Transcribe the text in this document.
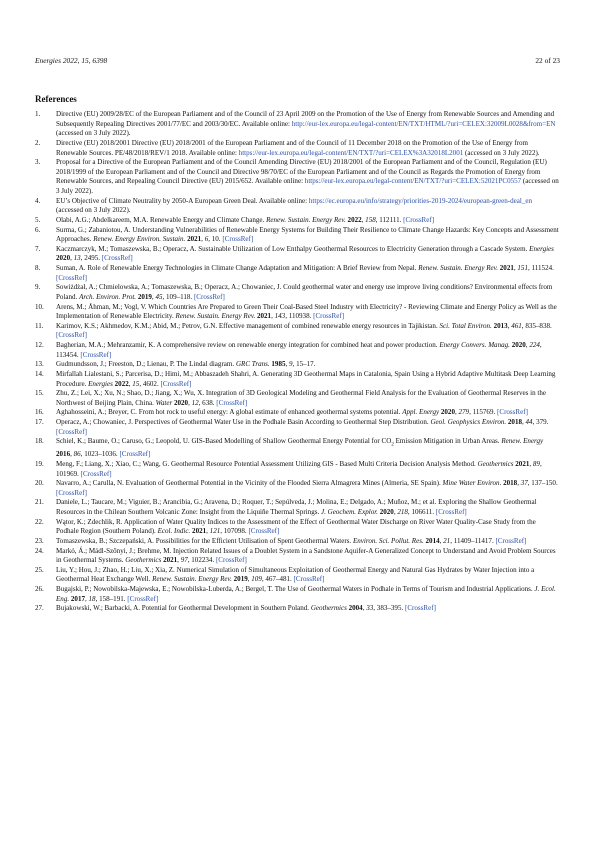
Energies 2022, 15, 6398	22 of 23
References
1. Directive (EU) 2009/28/EC of the European Parliament and of the Council of 23 April 2009 on the Promotion of the Use of Energy from Renewable Sources and Amending and Subsequently Repealing Directives 2001/77/EC and 2003/30/EC. Available online: http://eur-lex.europa.eu/legal-content/EN/TXT/HTML/?uri=CELEX:32009L0028&from=EN (accessed on 3 July 2022).
2. Directive (EU) 2018/2001 Directive (EU) 2018/2001 of the European Parliament and of the Council of 11 December 2018 on the Promotion of the Use of Energy from Renewable Sources. PE/48/2018/REV/1 2018. Available online: https://eur-lex.europa.eu/legal-content/EN/TXT/?uri=CELEX%3A32018L2001 (accessed on 3 July 2022).
3. Proposal for a Directive of the European Parliament and of the Council Amending Directive (EU) 2018/2001 of the European Parliament and of the Council, Regulation (EU) 2018/1999 of the European Parliament and of the Council and Directive 98/70/EC of the European Parliament and of the Council as Regards the Promotion of Energy from Renewable Sources, and Repealing Council Directive (EU) 2015/652. Available online: https://eur-lex.europa.eu/legal-content/EN/TXT/?uri=CELEX:52021PC0557 (accessed on 3 July 2022).
4. EU’s Objective of Climate Neutrality by 2050-A European Green Deal. Available online: https://ec.europa.eu/info/strategy/priorities-2019-2024/european-green-deal_en (accessed on 3 July 2022).
5. Olabi, A.G.; Abdelkareem, M.A. Renewable Energy and Climate Change. Renew. Sustain. Energy Rev. 2022, 158, 112111. [CrossRef]
6. Surma, G.; Zabaniotou, A. Understanding Vulnerabilities of Renewable Energy Systems for Building Their Resilience to Climate Change Hazards: Key Concepts and Assessment Approaches. Renew. Energy Environ. Sustain. 2021, 6, 10. [CrossRef]
7. Kaczmarczyk, M.; Tomaszewska, B.; Operacz, A. Sustainable Utilization of Low Enthalpy Geothermal Resources to Electricity Generation through a Cascade System. Energies 2020, 13, 2495. [CrossRef]
8. Suman, A. Role of Renewable Energy Technologies in Climate Change Adaptation and Mitigation: A Brief Review from Nepal. Renew. Sustain. Energy Rev. 2021, 151, 111524. [CrossRef]
9. Sowiżdżał, A.; Chmielowska, A.; Tomaszewska, B.; Operacz, A.; Chowaniec, J. Could geothermal water and energy use improve living conditions? Environmental effects from Poland. Arch. Environ. Prot. 2019, 45, 109–118. [CrossRef]
10. Arens, M.; Åhman, M.; Vogl, V. Which Countries Are Prepared to Green Their Coal-Based Steel Industry with Electricity? - Reviewing Climate and Energy Policy as Well as the Implementation of Renewable Electricity. Renew. Sustain. Energy Rev. 2021, 143, 110938. [CrossRef]
11. Karimov, K.S.; Akhmedov, K.M.; Abid, M.; Petrov, G.N. Effective management of combined renewable energy resources in Tajikistan. Sci. Total Environ. 2013, 461, 835–838. [CrossRef]
12. Bagherian, M.A.; Mehranzamir, K. A comprehensive review on renewable energy integration for combined heat and power production. Energy Convers. Manag. 2020, 224, 113454. [CrossRef]
13. Gudmundsson, J.; Freeston, D.; Lienau, P. The Lindal diagram. GRC Trans. 1985, 9, 15–17.
14. Mirfallah Lialestani, S.; Parcerisa, D.; Himi, M.; Abbaszadeh Shahri, A. Generating 3D Geothermal Maps in Catalonia, Spain Using a Hybrid Adaptive Multitask Deep Learning Procedure. Energies 2022, 15, 4602. [CrossRef]
15. Zhu, Z.; Lei, X.; Xu, N.; Shao, D.; Jiang, X.; Wu, X. Integration of 3D Geological Modeling and Geothermal Field Analysis for the Evaluation of Geothermal Reserves in the Northwest of Beijing Plain, China. Water 2020, 12, 638. [CrossRef]
16. Aghahosseini, A.; Breyer, C. From hot rock to useful energy: A global estimate of enhanced geothermal systems potential. Appl. Energy 2020, 279, 115769. [CrossRef]
17. Operacz, A.; Chowaniec, J. Perspectives of Geothermal Water Use in the Podhale Basin According to Geothermal Step Distribution. Geol. Geophysics Environ. 2018, 44, 379. [CrossRef]
18. Schiel, K.; Baume, O.; Caruso, G.; Leopold, U. GIS-Based Modelling of Shallow Geothermal Energy Potential for $CO_2$ Emission Mitigation in Urban Areas. Renew. Energy 2016, 86, 1023–1036. [CrossRef]
19. Meng, F.; Liang, X.; Xiao, C.; Wang, G. Geothermal Resource Potential Assessment Utilizing GIS - Based Multi Criteria Decision Analysis Method. Geothermics 2021, 89, 101969. [CrossRef]
20. Navarro, A.; Carulla, N. Evaluation of Geothermal Potential in the Vicinity of the Flooded Sierra Almagrera Mines (Almeria, SE Spain). Mine Water Environ. 2018, 37, 137–150. [CrossRef]
21. Daniele, L.; Taucare, M.; Viguier, B.; Arancibia, G.; Aravena, D.; Roquer, T.; Sepúlveda, J.; Molina, E.; Delgado, A.; Muñoz, M.; et al. Exploring the Shallow Geothermal Resources in the Chilean Southern Volcanic Zone: Insight from the Liquiñe Thermal Springs. J. Geochem. Explor. 2020, 218, 106611. [CrossRef]
22. Wątor, K.; Zdechlik, R. Application of Water Quality Indices to the Assessment of the Effect of Geothermal Water Discharge on River Water Quality-Case Study from the Podhale Region (Southern Poland). Ecol. Indic. 2021, 121, 107098. [CrossRef]
23. Tomaszewska, B.; Szczepański, A. Possibilities for the Efficient Utilisation of Spent Geothermal Waters. Environ. Sci. Pollut. Res. 2014, 21, 11409–11417. [CrossRef]
24. Markó, Á.; Mádl-Szőnyi, J.; Brehme, M. Injection Related Issues of a Doublet System in a Sandstone Aquifer-A Generalized Concept to Understand and Avoid Problem Sources in Geothermal Systems. Geothermics 2021, 97, 102234. [CrossRef]
25. Liu, Y.; Hou, J.; Zhao, H.; Liu, X.; Xia, Z. Numerical Simulation of Simultaneous Exploitation of Geothermal Energy and Natural Gas Hydrates by Water Injection into a Geothermal Heat Exchange Well. Renew. Sustain. Energy Rev. 2019, 109, 467–481. [CrossRef]
26. Bugajski, P.; Nowobilska-Majewska, E.; Nowobilska-Luberda, A.; Bergel, T. The Use of Geothermal Waters in Podhale in Terms of Tourism and Industrial Applications. J. Ecol. Eng. 2017, 18, 158–191. [CrossRef]
27. Bujakowski, W.; Barbacki, A. Potential for Geothermal Development in Southern Poland. Geothermics 2004, 33, 383–395. [CrossRef]
